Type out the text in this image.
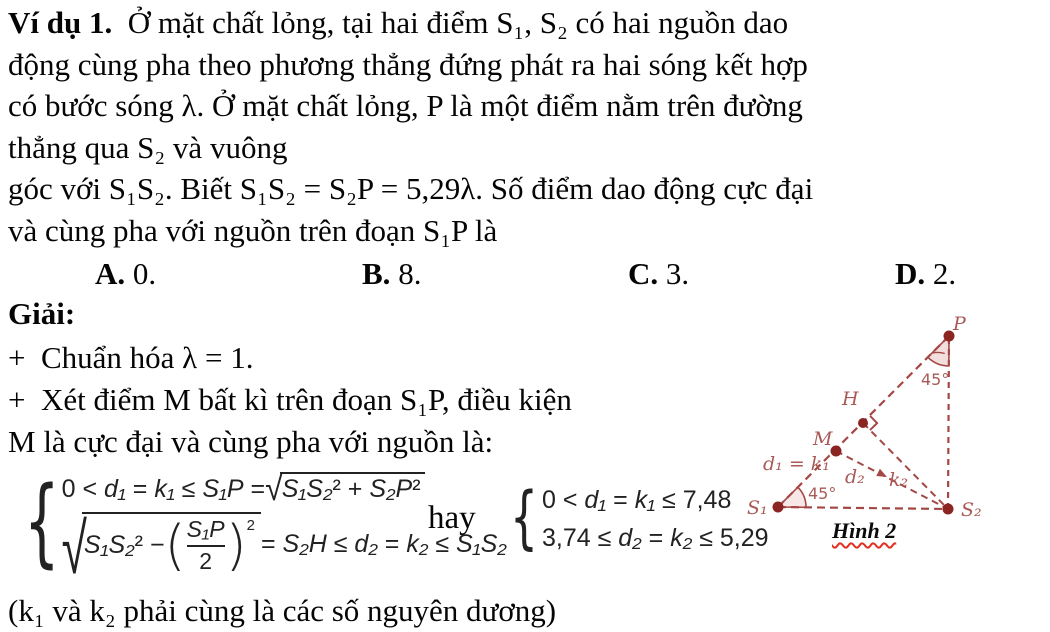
Ví dụ 1.  Ở mặt chất lỏng, tại hai điểm S₁, S₂ có hai nguồn dao
động cùng pha theo phương thẳng đứng phát ra hai sóng kết hợp
có bước sóng λ. Ở mặt chất lỏng, P là một điểm nằm trên đường
thẳng qua S₂ và vuông
góc với S₁S₂. Biết S₁S₂ = S₂P = 5,29λ. Số điểm dao động cực đại
và cùng pha với nguồn trên đoạn S₁P là
A. 0.	B. 8.	C. 3.	D. 2.
Giải:
+  Chuẩn hóa λ = 1.
+  Xét điểm M bất kì trên đoạn S₁P, điều kiện
M là cực đại và cùng pha với nguồn là:
{ 0 < d₁ = k₁ ≤ S₁P = √ S₁S₂² + S₂P²
√
S₁S₂² − ( $\frac{\text{S₁P}}{2}$ ) 2
= S₂H ≤ d₂ = k₂ ≤ S₁S₂
hay { 0 < d₁ = k₁ ≤ 7,48
3,74 ≤ d₂ = k₂ ≤ 5,29
(k₁ và k₂ phải cùng là các số nguyên dương)
P
S₁	S₂
H
M
d₁ = k₁
d₂ k₂
45°
45°
Hình 2
